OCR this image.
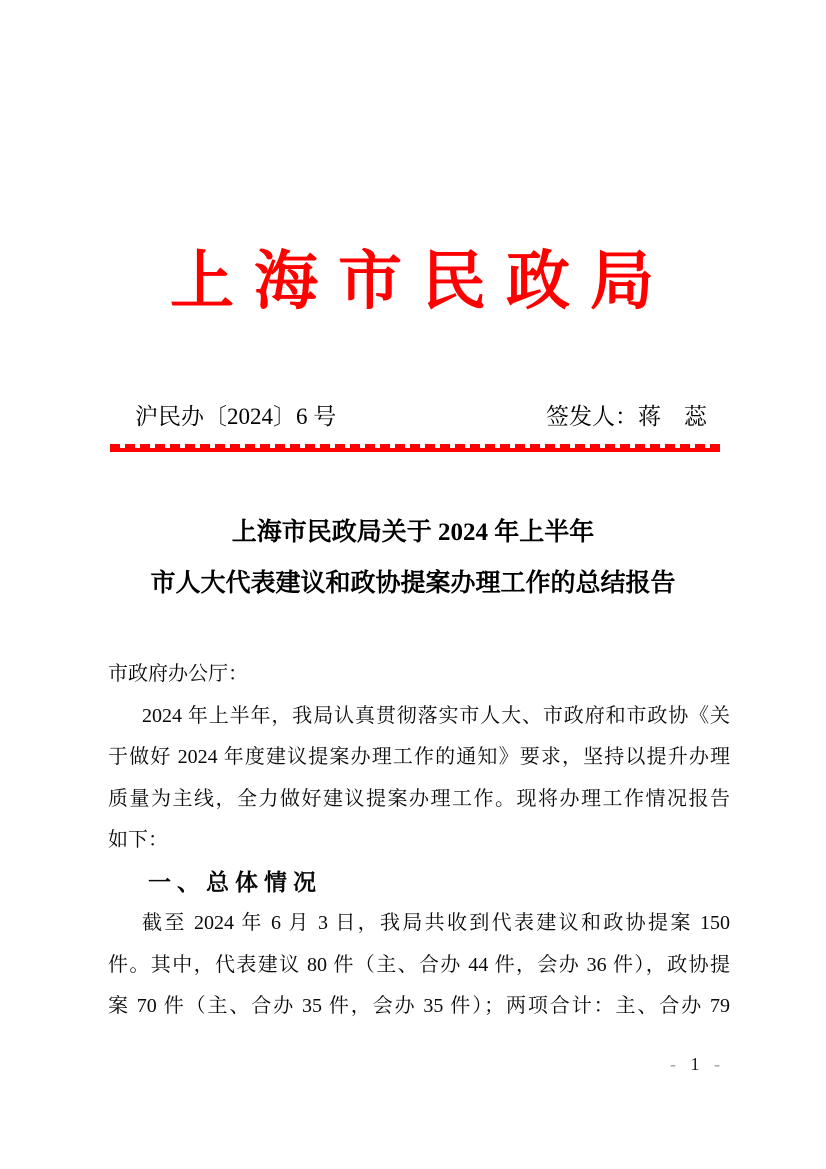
上 海 市 民 政 局
沪民办〔2024〕6 号	签发人：蒋　蕊
上海市民政局关于 2024 年上半年
市人大代表建议和政协提案办理工作的总结报告
市政府办公厅：
2024 年上半年，我局认真贯彻落实市人大、市政府和市政协《关
于做好 2024 年度建议提案办理工作的通知》要求，坚持以提升办理
质量为主线，全力做好建议提案办理工作。现将办理工作情况报告
如下：
一、总体情况
截至 2024 年 6 月 3 日，我局共收到代表建议和政协提案 150
件。其中，代表建议 80 件（主、合办 44 件，会办 36 件），政协提
案 70 件（主、合办 35 件，会办 35 件）；两项合计：主、合办 79
- 1 -
